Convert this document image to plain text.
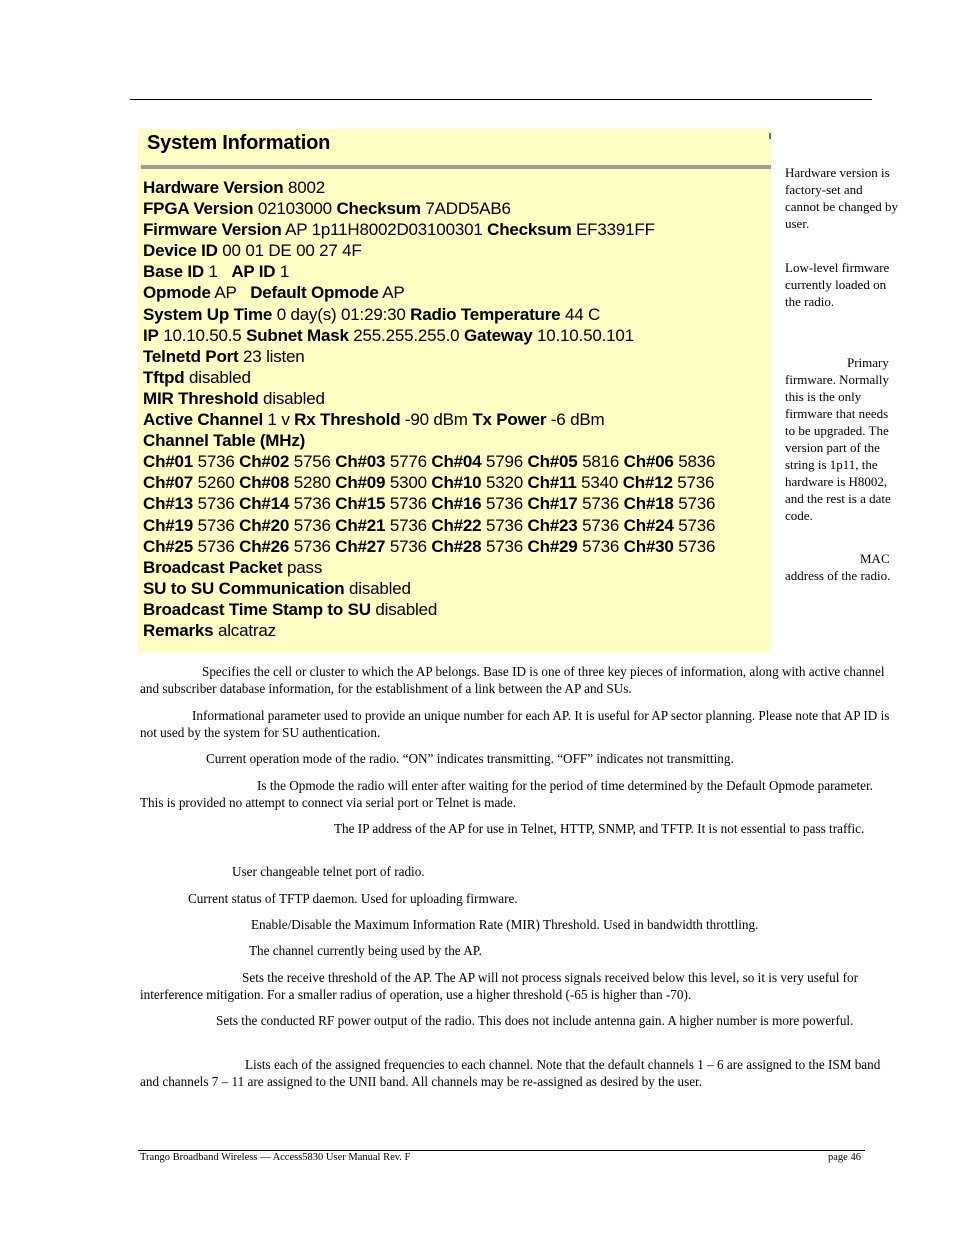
System Information
Hardware Version 8002
FPGA Version 02103000 Checksum 7ADD5AB6
Firmware Version AP 1p11H8002D03100301 Checksum EF3391FF
Device ID 00 01 DE 00 27 4F
Base ID 1 AP ID 1
Opmode AP Default Opmode AP
System Up Time 0 day(s) 01:29:30 Radio Temperature 44 C
IP 10.10.50.5 Subnet Mask 255.255.255.0 Gateway 10.10.50.101
Telnetd Port 23 listen
Tftpd disabled
MIR Threshold disabled
Active Channel 1 v Rx Threshold -90 dBm Tx Power -6 dBm
Channel Table (MHz)
Ch#01 5736 Ch#02 5756 Ch#03 5776 Ch#04 5796 Ch#05 5816 Ch#06 5836
Ch#07 5260 Ch#08 5280 Ch#09 5300 Ch#10 5320 Ch#11 5340 Ch#12 5736
Ch#13 5736 Ch#14 5736 Ch#15 5736 Ch#16 5736 Ch#17 5736 Ch#18 5736
Ch#19 5736 Ch#20 5736 Ch#21 5736 Ch#22 5736 Ch#23 5736 Ch#24 5736
Ch#25 5736 Ch#26 5736 Ch#27 5736 Ch#28 5736 Ch#29 5736 Ch#30 5736
Broadcast Packet pass
SU to SU Communication disabled
Broadcast Time Stamp to SU disabled
Remarks alcatraz
Hardware version is factory-set and cannot be changed by user.
Low-level firmware currently loaded on the radio.
Primary firmware. Normally this is the only firmware that needs to be upgraded. The version part of the string is 1p11, the hardware is H8002, and the rest is a date code.
MAC address of the radio.
Specifies the cell or cluster to which the AP belongs. Base ID is one of three key pieces of information, along with active channel and subscriber database information, for the establishment of a link between the AP and SUs.
Informational parameter used to provide an unique number for each AP. It is useful for AP sector planning. Please note that AP ID is not used by the system for SU authentication.
Current operation mode of the radio. “ON” indicates transmitting. “OFF” indicates not transmitting.
Is the Opmode the radio will enter after waiting for the period of time determined by the Default Opmode parameter. This is provided no attempt to connect via serial port or Telnet is made.
The IP address of the AP for use in Telnet, HTTP, SNMP, and TFTP. It is not essential to pass traffic.
User changeable telnet port of radio.
Current status of TFTP daemon. Used for uploading firmware.
Enable/Disable the Maximum Information Rate (MIR) Threshold. Used in bandwidth throttling.
The channel currently being used by the AP.
Sets the receive threshold of the AP. The AP will not process signals received below this level, so it is very useful for interference mitigation. For a smaller radius of operation, use a higher threshold (-65 is higher than -70).
Sets the conducted RF power output of the radio. This does not include antenna gain. A higher number is more powerful.
Lists each of the assigned frequencies to each channel. Note that the default channels 1 – 6 are assigned to the ISM band and channels 7 – 11 are assigned to the UNII band. All channels may be re-assigned as desired by the user.
Trango Broadband Wireless — Access5830 User Manual Rev. F	page 46
